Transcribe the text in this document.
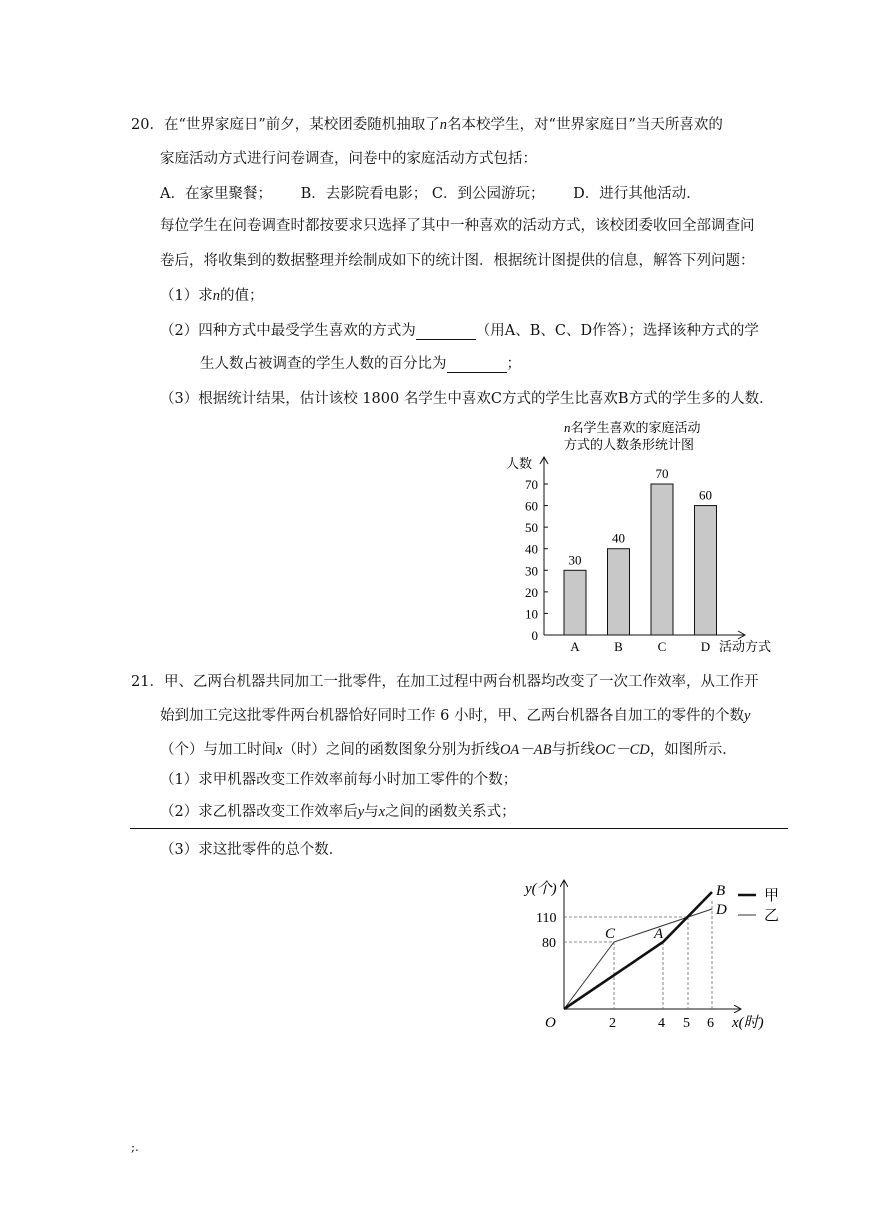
20．在“世界家庭日”前夕，某校团委随机抽取了n名本校学生，对“世界家庭日”当天所喜欢的
家庭活动方式进行问卷调查，问卷中的家庭活动方式包括：
A．在家里聚餐； B．去影院看电影； C．到公园游玩； D．进行其他活动．
每位学生在问卷调查时都按要求只选择了其中一种喜欢的活动方式，该校团委收回全部调查问
卷后，将收集到的数据整理并绘制成如下的统计图．根据统计图提供的信息，解答下列问题：
（1）求n的值；
（2）四种方式中最受学生喜欢的方式为	（用A、B、C、D作答）；选择该种方式的学
生人数占被调查的学生人数的百分比为	；
（3）根据统计结果，估计该校 1800 名学生中喜欢C方式的学生比喜欢B方式的学生多的人数．
n名学生喜欢的家庭活动
方式的人数条形统计图
人数
0
10
20
30
40
50
60
70
30
A
40
B
70
C
60
D 活动方式
21．甲、乙两台机器共同加工一批零件，在加工过程中两台机器均改变了一次工作效率，从工作开
始到加工完这批零件两台机器恰好同时工作 6 小时，甲、乙两台机器各自加工的零件的个数y
（个）与加工时间x（时）之间的函数图象分别为折线OA－AB与折线OC－CD，如图所示．
（1）求甲机器改变工作效率前每小时加工零件的个数；
（2）求乙机器改变工作效率后y与x之间的函数关系式；
（3）求这批零件的总个数．
y(个)
110
80
O	2	4 5 6 x(时)
C	A
B
D
甲
乙
;.
